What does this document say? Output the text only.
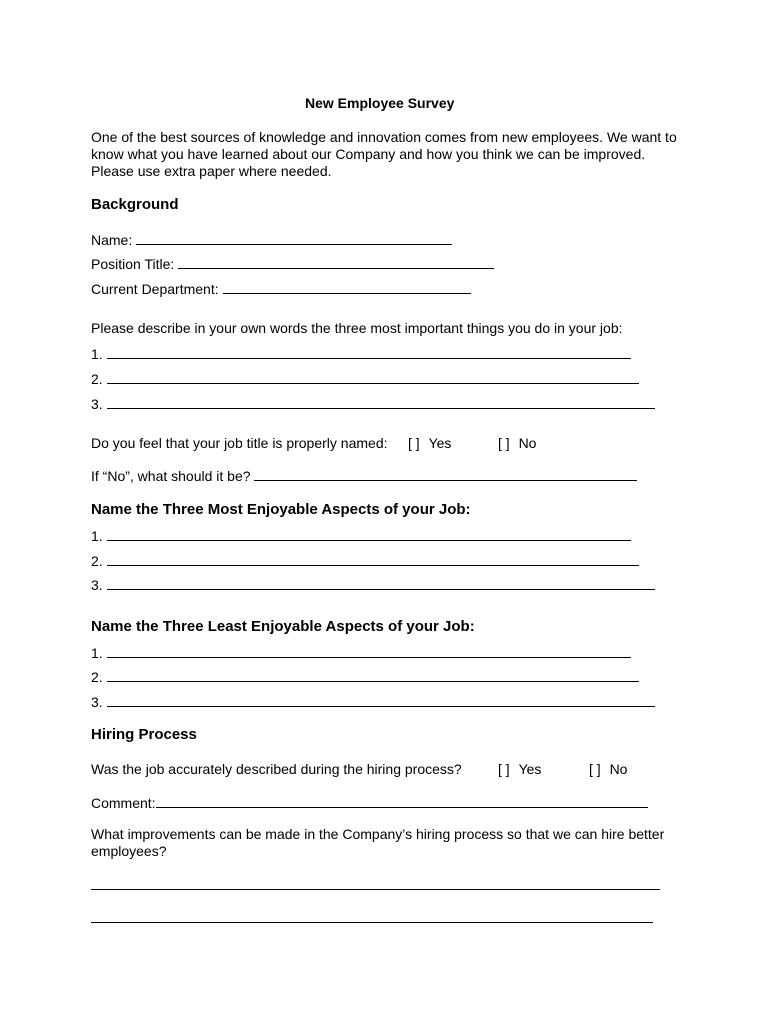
New Employee Survey
One of the best sources of knowledge and innovation comes from new employees. We want to know what you have learned about our Company and how you think we can be improved. Please use extra paper where needed.
Background
Name:
Position Title:
Current Department:
Please describe in your own words the three most important things you do in your job:
1.
2.
3.
Do you feel that your job title is properly named: [ ] Yes	[ ] No
If “No”, what should it be?
Name the Three Most Enjoyable Aspects of your Job:
1.
2.
3.
Name the Three Least Enjoyable Aspects of your Job:
1.
2.
3.
Hiring Process
Was the job accurately described during the hiring process?	[ ] Yes	[ ] No
Comment:
What improvements can be made in the Company’s hiring process so that we can hire better employees?
